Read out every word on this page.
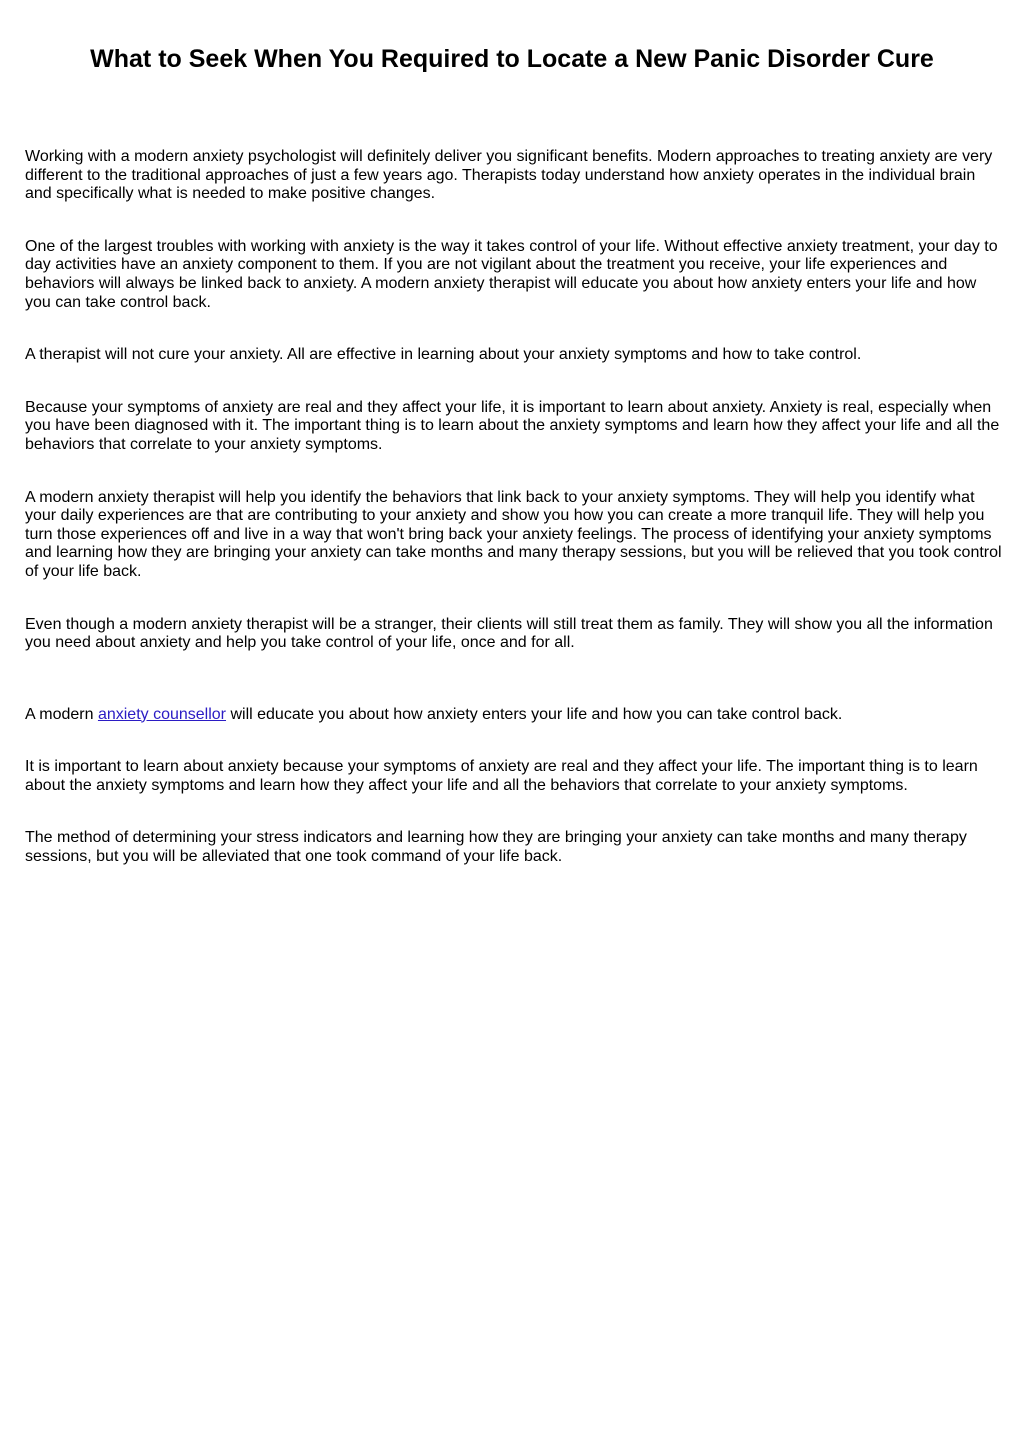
What to Seek When You Required to Locate a New Panic Disorder Cure

Working with a modern anxiety psychologist will definitely deliver you significant benefits. Modern approaches to treating anxiety are very different to the traditional approaches of just a few years ago. Therapists today understand how anxiety operates in the individual brain and specifically what is needed to make positive changes.

One of the largest troubles with working with anxiety is the way it takes control of your life. Without effective anxiety treatment, your day to day activities have an anxiety component to them. If you are not vigilant about the treatment you receive, your life experiences and behaviors will always be linked back to anxiety. A modern anxiety therapist will educate you about how anxiety enters your life and how you can take control back.

A therapist will not cure your anxiety. All are effective in learning about your anxiety symptoms and how to take control.

Because your symptoms of anxiety are real and they affect your life, it is important to learn about anxiety. Anxiety is real, especially when you have been diagnosed with it. The important thing is to learn about the anxiety symptoms and learn how they affect your life and all the behaviors that correlate to your anxiety symptoms.

A modern anxiety therapist will help you identify the behaviors that link back to your anxiety symptoms. They will help you identify what your daily experiences are that are contributing to your anxiety and show you how you can create a more tranquil life. They will help you turn those experiences off and live in a way that won't bring back your anxiety feelings. The process of identifying your anxiety symptoms and learning how they are bringing your anxiety can take months and many therapy sessions, but you will be relieved that you took control of your life back.

Even though a modern anxiety therapist will be a stranger, their clients will still treat them as family. They will show you all the information you need about anxiety and help you take control of your life, once and for all.

A modern anxiety counsellor will educate you about how anxiety enters your life and how you can take control back.

It is important to learn about anxiety because your symptoms of anxiety are real and they affect your life. The important thing is to learn about the anxiety symptoms and learn how they affect your life and all the behaviors that correlate to your anxiety symptoms.

The method of determining your stress indicators and learning how they are bringing your anxiety can take months and many therapy sessions, but you will be alleviated that one took command of your life back.
